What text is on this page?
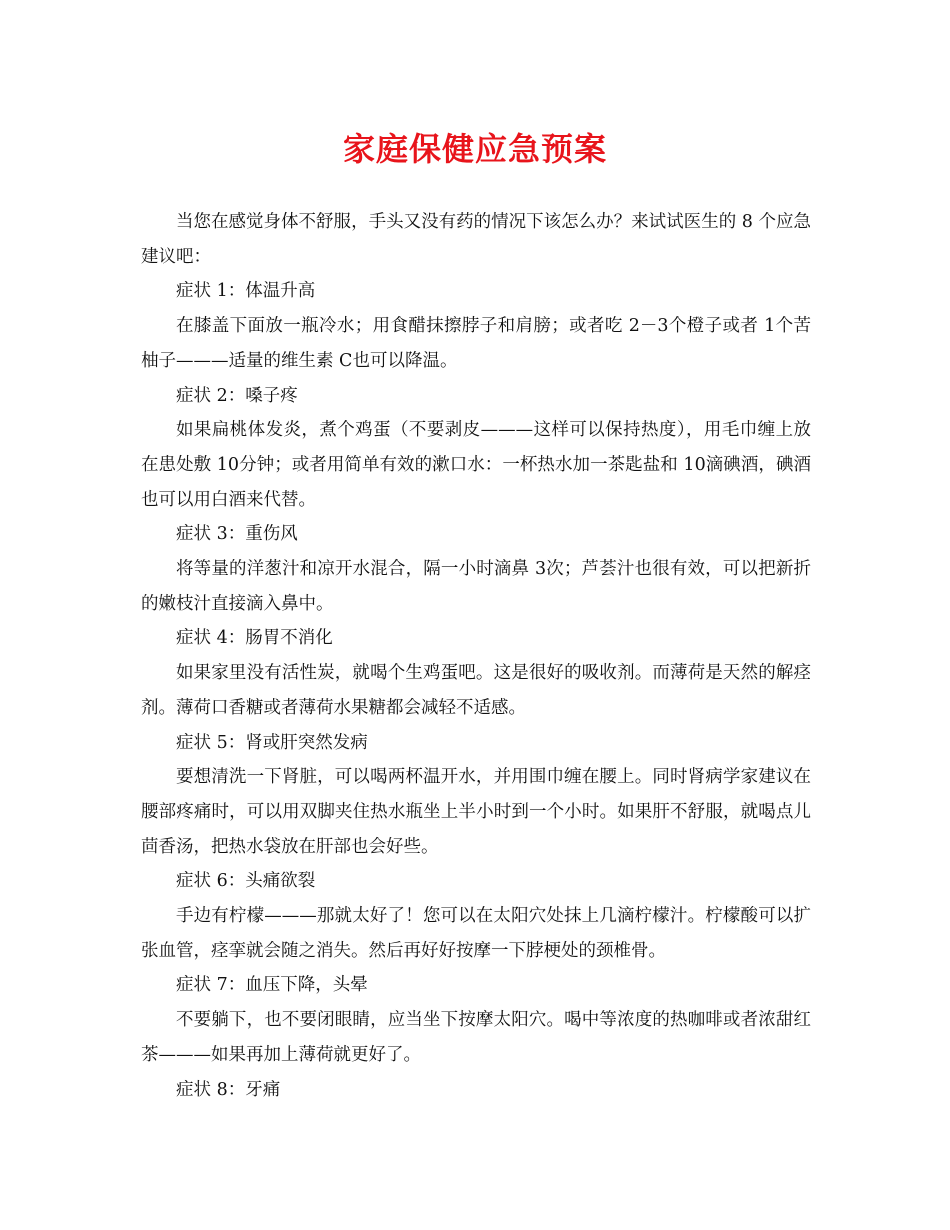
家庭保健应急预案

当您在感觉身体不舒服，手头又没有药的情况下该怎么办？来试试医生的 8 个应急建议吧：

症状 1：体温升高

在膝盖下面放一瓶冷水；用食醋抹擦脖子和肩膀；或者吃 2－3个橙子或者 1个苦柚子———适量的维生素 C也可以降温。

症状 2：嗓子疼

如果扁桃体发炎，煮个鸡蛋（不要剥皮———这样可以保持热度），用毛巾缠上放在患处敷 10分钟；或者用简单有效的漱口水：一杯热水加一茶匙盐和 10滴碘酒，碘酒也可以用白酒来代替。

症状 3：重伤风

将等量的洋葱汁和凉开水混合，隔一小时滴鼻 3次；芦荟汁也很有效，可以把新折的嫩枝汁直接滴入鼻中。

症状 4：肠胃不消化

如果家里没有活性炭，就喝个生鸡蛋吧。这是很好的吸收剂。而薄荷是天然的解痉剂。薄荷口香糖或者薄荷水果糖都会减轻不适感。

症状 5：肾或肝突然发病

要想清洗一下肾脏，可以喝两杯温开水，并用围巾缠在腰上。同时肾病学家建议在腰部疼痛时，可以用双脚夹住热水瓶坐上半小时到一个小时。如果肝不舒服，就喝点儿茴香汤，把热水袋放在肝部也会好些。

症状 6：头痛欲裂

手边有柠檬———那就太好了！您可以在太阳穴处抹上几滴柠檬汁。柠檬酸可以扩张血管，痉挛就会随之消失。然后再好好按摩一下脖梗处的颈椎骨。

症状 7：血压下降，头晕

不要躺下，也不要闭眼睛，应当坐下按摩太阳穴。喝中等浓度的热咖啡或者浓甜红茶———如果再加上薄荷就更好了。

症状 8：牙痛
